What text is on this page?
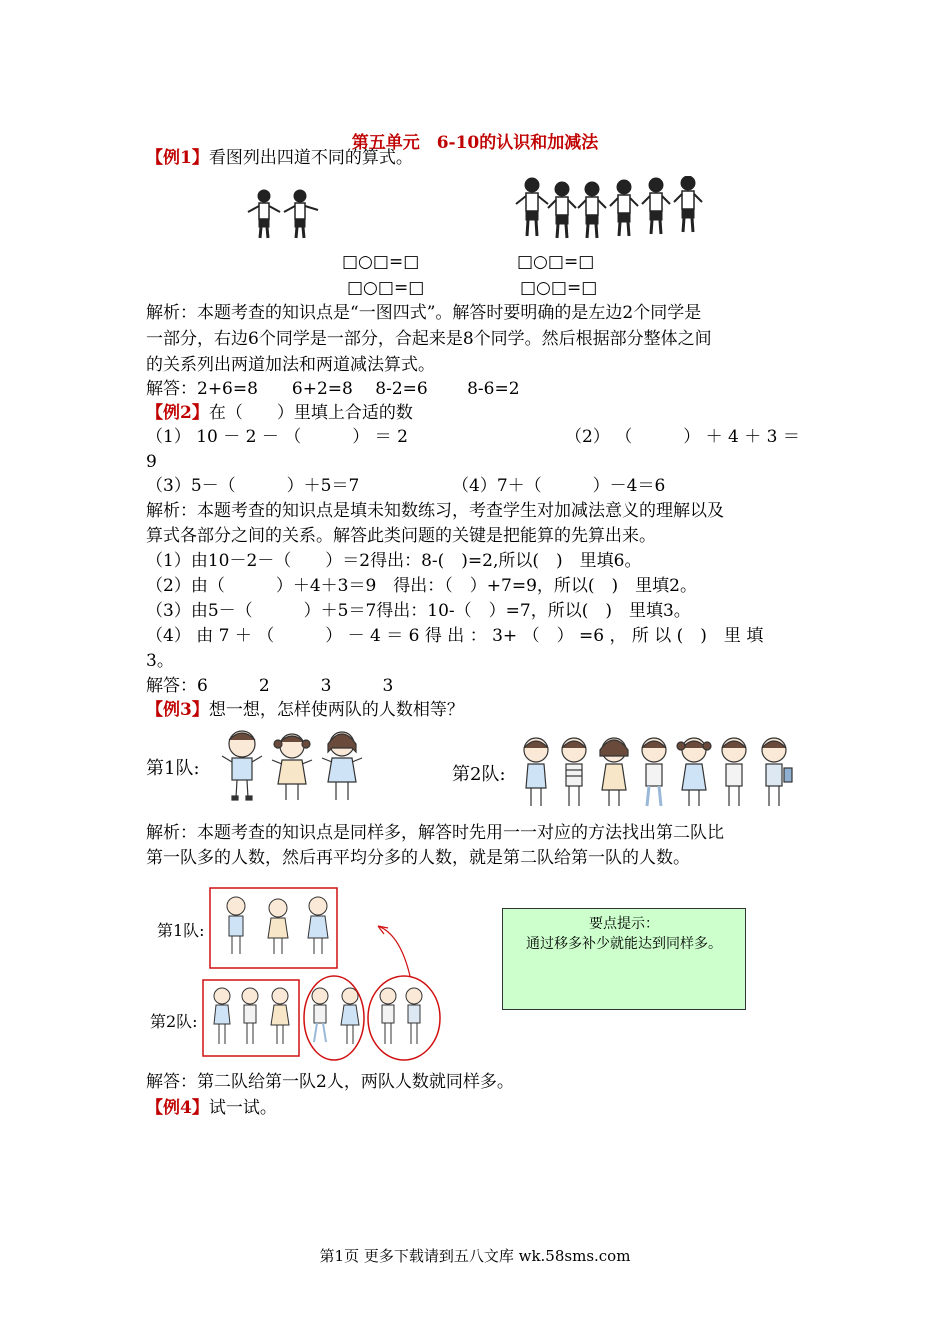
第五单元　6-10的认识和加减法
【例1】看图列出四道不同的算式。
□○□=□	□○□=□
□○□=□	□○□=□
解析：本题考查的知识点是“一图四式”。解答时要明确的是左边2个同学是
一部分，右边6个同学是一部分，合起来是8个同学。然后根据部分整体之间
的关系列出两道加法和两道减法算式。
解答：2+6=8　　6+2=8　 8-2=6　　 8-6=2
【例2】在（　　）里填上合适的数
（1） 10 － 2 － （　　　） ＝ 2	（2） （　　　） ＋ 4 ＋ 3 ＝
9
（3）5－（　　　）＋5＝7	（4）7＋（　　　）－4＝6
解析：本题考查的知识点是填未知数练习，考查学生对加减法意义的理解以及
算式各部分之间的关系。解答此类问题的关键是把能算的先算出来。
（1）由10－2－（　　）＝2得出：8-(　)=2,所以(　)　里填6。
（2）由（　　　）＋4＋3＝9　得出：（　）+7=9，所以(　)　里填2。
（3）由5－（　　　）＋5＝7得出：10-（　）=7，所以(　)　里填3。
（4） 由 7 ＋ （　　　） － 4 ＝ 6 得 出 ： 3+ （　） =6 ， 所 以 (　)　里 填
3。
解答：6　　　2　　　3　　　3
【例3】想一想，怎样使两队的人数相等？
第1队:	第2队:
解析：本题考查的知识点是同样多，解答时先用一一对应的方法找出第二队比
第一队多的人数，然后再平均分多的人数，就是第二队给第一队的人数。
第1队:
第2队:
要点提示：
通过移多补少就能达到同样多。
解答：第二队给第一队2人，两队人数就同样多。
【例4】试一试。
第1页 更多下载请到五八文库 wk.58sms.com
